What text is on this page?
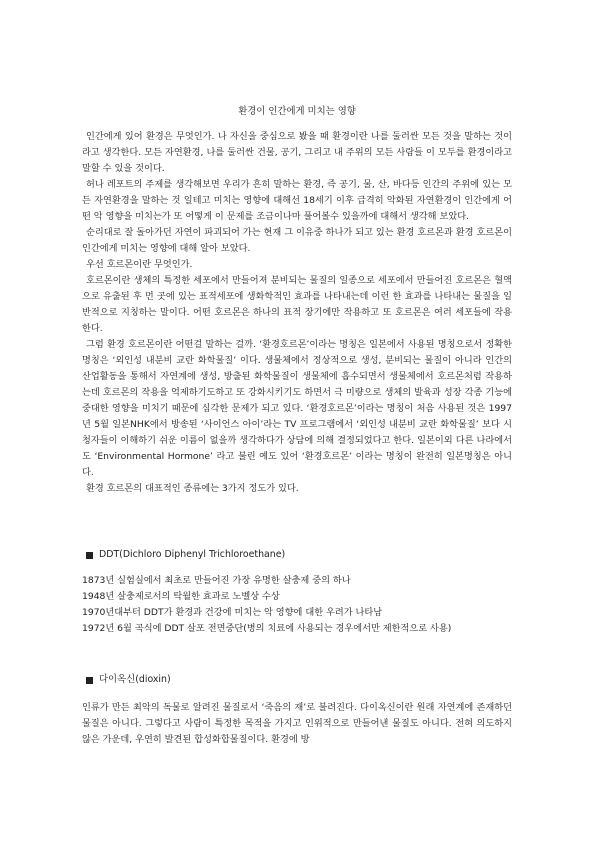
환경이 인간에게 미치는 영향

인간에게 있어 환경은 무엇인가. 나 자신을 중심으로 봤을 때 환경이란 나를 둘러싼 모든 것을 말하는 것이라고 생각한다. 모든 자연환경, 나를 둘러싼 건물, 공기, 그리고 내 주위의 모든 사람들 이 모두를 환경이라고 말할 수 있을 것이다.

허나 레포트의 주제를 생각해보면 우리가 흔히 말하는 환경, 즉 공기, 물, 산, 바다등 인간의 주위에 있는 모든 자연환경을 말하는 것 일테고 미치는 영향에 대해선 18세기 이후 급격히 악화된 자연환경이 인간에게 어떤 악 영향을 미치는가 또 어떻게 이 문제를 조금이나마 풀어볼수 있을까에 대해서 생각해 보았다.

순리대로 잘 돌아가던 자연이 파괴되어 가는 현재 그 이유중 하나가 되고 있는 환경 호르몬과 환경 호르몬이 인간에게 미치는 영향에 대해 알아 보았다.

우선 호르몬이란 무엇인가.

호르몬이란 생체의 특정한 세포에서 만들어져 분비되는 물질의 일종으로 세포에서 만들어진 호르몬은 혈액으로 유출된 후 먼 곳에 있는 표적세포에 생화학적인 효과를 나타내는데 이런 한 효과를 나타내는 물질을 일반적으로 지칭하는 말이다. 어떤 호르몬은 하나의 표적 장기에만 작용하고 또 호르몬은 여러 세포들에 작용한다.

그럼 환경 호르몬이란 어떤걸 말하는 걸까. ‘환경호르몬’이라는 명칭은 일본에서 사용된 명칭으로서 정확한 명칭은 ‘외인성 내분비 교란 화학물질’ 이다. 생물체에서 정상적으로 생성, 분비되는 물질이 아니라 인간의 산업활동을 통해서 자연계에 생성, 방출된 화학물질이 생물체에 흡수되면서 생물체에서 호르몬처럼 작용하는데 호르몬의 작용을 억제하기도하고 또 강화시키기도 하면서 극 미량으로 생체의 발육과 성장 각종 기능에 중대한 영향을 미치기 때문에 심각한 문제가 되고 있다. ‘환경호르몬’이라는 명칭이 처음 사용된 것은 1997년 5월 일본NHK에서 방송된 ‘사이언스 아이’라는 TV 프로그램에서 ‘외인성 내분비 교란 화학물질’ 보다 시청자들이 이해하기 쉬운 이름이 없을까 생각하다가 상담에 의해 결정되었다고 한다. 일본이외 다른 나라에서도 ‘Environmental Hormone’ 라고 불린 예도 있어 ‘환경호르몬’ 이라는 명칭이 완전히 일본명칭은 아니다.

환경 호르몬의 대표적인 종류에는 3가지 정도가 있다.

DDT(Dichloro Diphenyl Trichloroethane)

1873년 실험실에서 최초로 만들어진 가장 유명한 살충제 중의 하나

1948년 살충제로서의 탁월한 효과로 노벨상 수상

1970년대부터 DDT가 환경과 건강에 미치는 악 영향에 대한 우려가 나타남

1972년 6월 곡식에 DDT 살포 전면중단(병의 치료에 사용되는 경우에서만 제한적으로 사용)

다이옥신(dioxin)

인류가 만든 최악의 독물로 알려진 물질로서 ‘죽음의 재’로 불려진다. 다이옥신이란 원래 자연계에 존재하던 물질은 아니다. 그렇다고 사람이 특정한 목적을 가지고 인위적으로 만들어낸 물질도 아니다. 전혀 의도하지 않은 가운데, 우연히 발견된 합성화합물질이다. 환경에 방
